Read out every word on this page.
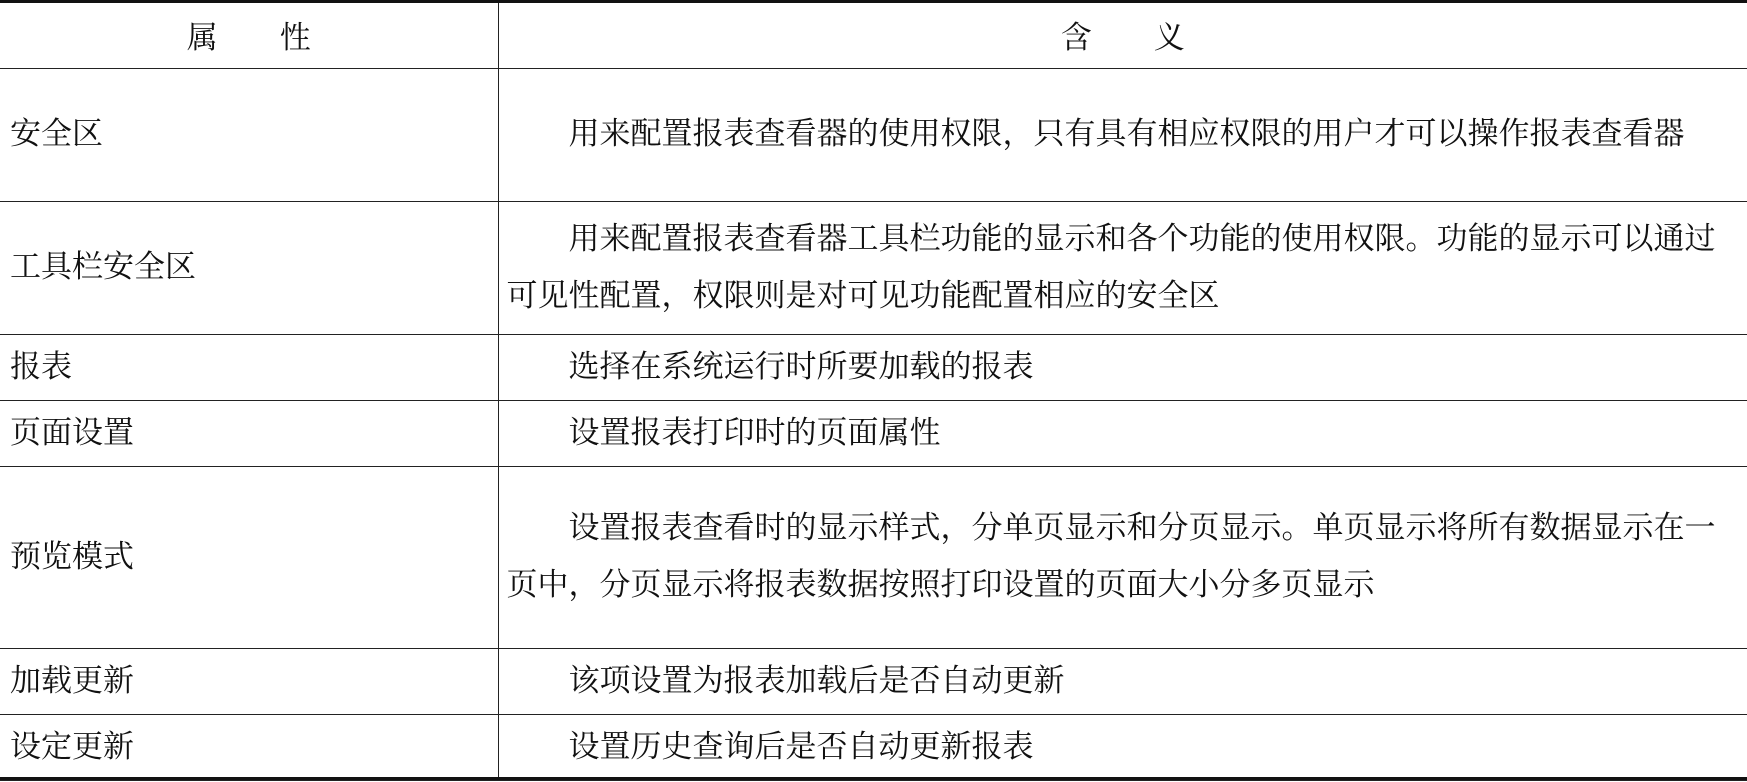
属　　性	含　　义
安全区	用来配置报表查看器的使用权限，只有具有相应权限的用户才可以操作报表查看器

工具栏安全区	用来配置报表查看器工具栏功能的显示和各个功能的使用权限。功能的显示可以通过可见性配置，权限则是对可见功能配置相应的安全区

报表	选择在系统运行时所要加载的报表

页面设置	设置报表打印时的页面属性

预览模式	设置报表查看时的显示样式，分单页显示和分页显示。单页显示将所有数据显示在一页中，分页显示将报表数据按照打印设置的页面大小分多页显示

加载更新	该项设置为报表加载后是否自动更新

设定更新	设置历史查询后是否自动更新报表
